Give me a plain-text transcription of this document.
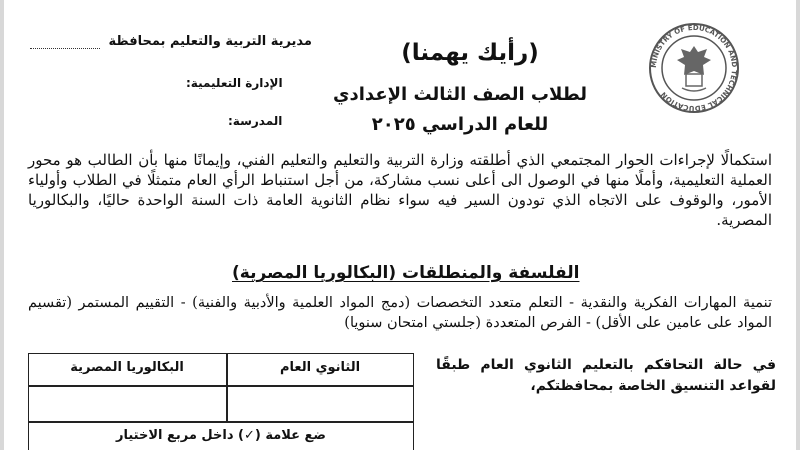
مديرية التربية والتعليم بمحافظة
الإدارة التعليمية:
المدرسة:
(رأيك يهمنا)
لطلاب الصف الثالث الإعدادي
للعام الدراسي ٢٠٢٥
MINISTRY OF EDUCATION AND TECHNICAL EDUCATION
استكمالًا لإجراءات الحوار المجتمعي الذي أطلقته وزارة التربية والتعليم والتعليم الفني، وإيمانًا منها بأن الطالب هو محور العملية التعليمية، وأملًا منها في الوصول الى أعلى نسب مشاركة، من أجل استنباط الرأي العام متمثلًا في الطلاب وأولياء الأمور، والوقوف على الاتجاه الذي تودون السير فيه سواء نظام الثانوية العامة ذات السنة الواحدة حاليًا، والبكالوريا المصرية.
الفلسفة والمنطلقات (البكالوريا المصرية)
تنمية المهارات الفكرية والنقدية - التعلم متعدد التخصصات (دمج المواد العلمية والأدبية والفنية) - التقييم المستمر (تقسيم المواد على عامين على الأقل) - الفرص المتعددة (جلستي امتحان سنويا)
الثانوي العام
البكالوريا المصرية
ضع علامة (✓) داخل مربع الاختيار
في حالة التحاقكم بالتعليم الثانوي العام طبقًا لقواعد التنسيق الخاصة بمحافظتكم،
